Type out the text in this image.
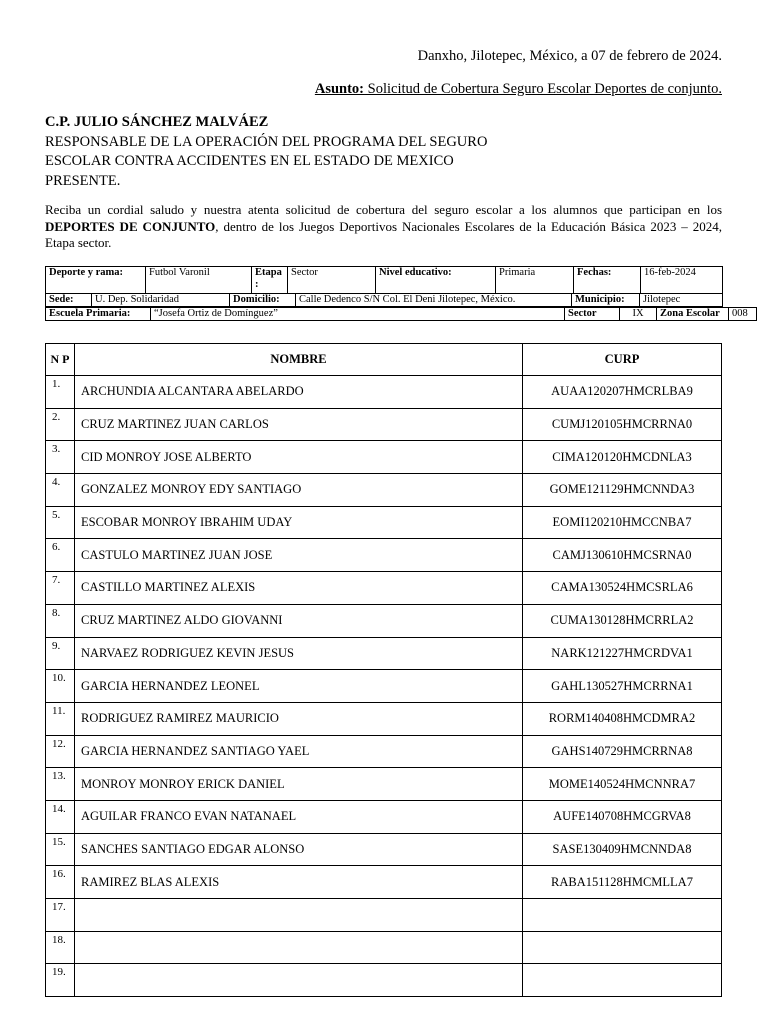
Danxho, Jilotepec, México, a 07 de febrero de 2024.
Asunto: Solicitud de Cobertura Seguro Escolar Deportes de conjunto.
C.P. JULIO SÁNCHEZ MALVÁEZ
RESPONSABLE DE LA OPERACIÓN DEL PROGRAMA DEL SEGURO
ESCOLAR CONTRA ACCIDENTES EN EL ESTADO DE MEXICO
PRESENTE.
Reciba un cordial saludo y nuestra atenta solicitud de cobertura del seguro escolar a los alumnos que participan en los DEPORTES DE CONJUNTO, dentro de los Juegos Deportivos Nacionales Escolares de la Educación Básica 2023 – 2024, Etapa sector.
Deporte y rama:	Futbol Varonil	Etapa :	Sector	Nivel educativo:	Primaria	Fechas:	16-feb-2024
Sede:	U. Dep. Solidaridad	Domicilio:	Calle Dedenco S/N Col. El Deni Jilotepec, México.	Municipio:	Jilotepec
Escuela Primaria:	“Josefa Ortiz de Domínguez”	Sector	IX	Zona Escolar	008
N P	NOMBRE	CURP
1.	ARCHUNDIA ALCANTARA ABELARDO	AUAA120207HMCRLBA9
2.	CRUZ MARTINEZ JUAN CARLOS	CUMJ120105HMCRRNA0
3.	CID MONROY JOSE ALBERTO	CIMA120120HMCDNLA3
4.	GONZALEZ MONROY EDY SANTIAGO	GOME121129HMCNNDA3
5.	ESCOBAR MONROY IBRAHIM UDAY	EOMI120210HMCCNBA7
6.	CASTULO MARTINEZ JUAN JOSE	CAMJ130610HMCSRNA0
7.	CASTILLO MARTINEZ ALEXIS	CAMA130524HMCSRLA6
8.	CRUZ MARTINEZ ALDO GIOVANNI	CUMA130128HMCRRLA2
9.	NARVAEZ RODRIGUEZ KEVIN JESUS	NARK121227HMCRDVA1
10.	GARCIA HERNANDEZ LEONEL	GAHL130527HMCRRNA1
11.	RODRIGUEZ RAMIREZ MAURICIO	RORM140408HMCDMRA2
12.	GARCIA HERNANDEZ SANTIAGO YAEL	GAHS140729HMCRRNA8
13.	MONROY MONROY ERICK DANIEL	MOME140524HMCNNRA7
14.	AGUILAR FRANCO EVAN NATANAEL	AUFE140708HMCGRVA8
15.	SANCHES SANTIAGO EDGAR ALONSO	SASE130409HMCNNDA8
16.	RAMIREZ BLAS ALEXIS	RABA151128HMCMLLA7
17.		
18.		
19.		
